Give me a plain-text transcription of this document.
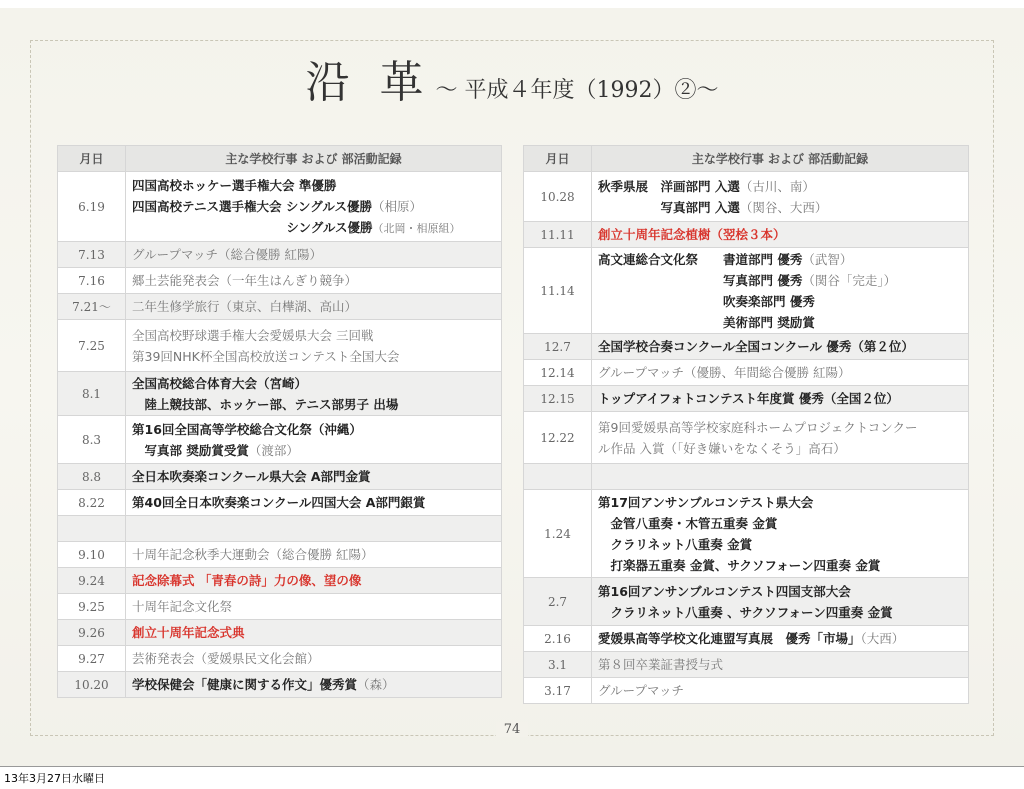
沿 革 〜 平成４年度（1992）②〜
月日	主な学校行事 および 部活動記録
6.19	四国高校ホッケー選手権大会 準優勝
四国高校テニス選手権大会 シングルス優勝（相原）
　　　　　　　　　　　　 シングルス優勝（北岡・相原組）

7.13	グループマッチ（総合優勝 紅陽）

7.16	郷土芸能発表会（一年生はんぎり競争）

7.21〜	二年生修学旅行（東京、白樺湖、高山）

7.25	全国高校野球選手権大会愛媛県大会 三回戦
第39回NHK杯全国高校放送コンテスト全国大会

8.1	全国高校総合体育大会（宮崎）
　陸上競技部、ホッケー部、テニス部男子 出場

8.3	第16回全国高等学校総合文化祭（沖縄）
　写真部 奨励賞受賞（渡部）

8.8	全日本吹奏楽コンクール県大会 A部門金賞

8.22	第40回全日本吹奏楽コンクール四国大会 A部門銀賞

9.10	十周年記念秋季大運動会（総合優勝 紅陽）

9.24	記念除幕式 「青春の詩」力の像、望の像

9.25	十周年記念文化祭

9.26	創立十周年記念式典

9.27	芸術発表会（愛媛県民文化会館）

10.20	学校保健会「健康に関する作文」優秀賞（森）
月日	主な学校行事 および 部活動記録
10.28	秋季県展　洋画部門 入選（古川、南）
　　　　　写真部門 入選（関谷、大西）

11.11	創立十周年記念植樹（翌桧３本）

11.14	高文連総合文化祭　　書道部門 優秀（武智）
　　　　　　　　　　写真部門 優秀（関谷「完走」）
　　　　　　　　　　吹奏楽部門 優秀
　　　　　　　　　　美術部門 奨励賞

12.7	全国学校合奏コンクール全国コンクール 優秀（第２位）

12.14	グループマッチ（優勝、年間総合優勝 紅陽）

12.15	トップアイフォトコンテスト年度賞 優秀（全国２位）

12.22	第9回愛媛県高等学校家庭科ホームプロジェクトコンクー
ル作品 入賞（「好き嫌いをなくそう」高石）

1.24	第17回アンサンブルコンテスト県大会
　金管八重奏・木管五重奏 金賞
　クラリネット八重奏 金賞
　打楽器五重奏 金賞、サクソフォーン四重奏 金賞

2.7	第16回アンサンブルコンテスト四国支部大会
　クラリネット八重奏 、サクソフォーン四重奏 金賞

2.16	愛媛県高等学校文化連盟写真展　優秀「市場」（大西）

3.1	第８回卒業証書授与式

3.17	グループマッチ
74
13年3月27日水曜日
